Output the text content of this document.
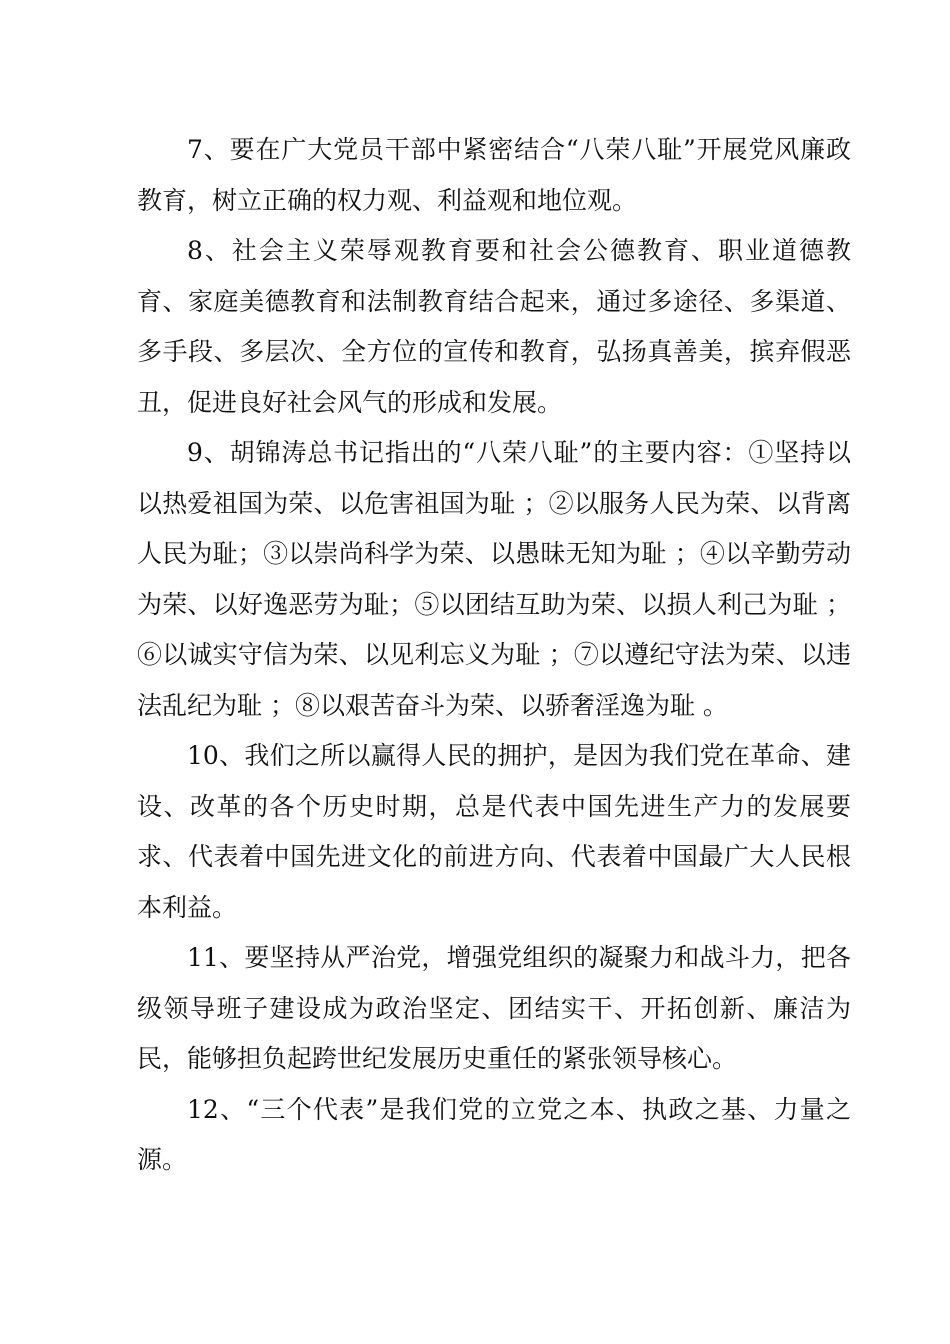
7、要在广大党员干部中紧密结合“八荣八耻”开展党风廉政教育，树立正确的权力观、利益观和地位观。

8、社会主义荣辱观教育要和社会公德教育、职业道德教育、家庭美德教育和法制教育结合起来，通过多途径、多渠道、多手段、多层次、全方位的宣传和教育，弘扬真善美，摈弃假恶丑，促进良好社会风气的形成和发展。

9、胡锦涛总书记指出的“八荣八耻”的主要内容：①坚持以以热爱祖国为荣、以危害祖国为耻 ；②以服务人民为荣、以背离人民为耻；③以崇尚科学为荣、以愚昧无知为耻 ；④以辛勤劳动为荣、以好逸恶劳为耻；⑤以团结互助为荣、以损人利己为耻 ；⑥以诚实守信为荣、以见利忘义为耻 ；⑦以遵纪守法为荣、以违法乱纪为耻 ；⑧以艰苦奋斗为荣、以骄奢淫逸为耻 。

10、我们之所以赢得人民的拥护，是因为我们党在革命、建设、改革的各个历史时期，总是代表中国先进生产力的发展要求、代表着中国先进文化的前进方向、代表着中国最广大人民根本利益。

11、要坚持从严治党，增强党组织的凝聚力和战斗力，把各级领导班子建设成为政治坚定、团结实干、开拓创新、廉洁为民，能够担负起跨世纪发展历史重任的紧张领导核心。

12、“三个代表”是我们党的立党之本、执政之基、力量之源。
